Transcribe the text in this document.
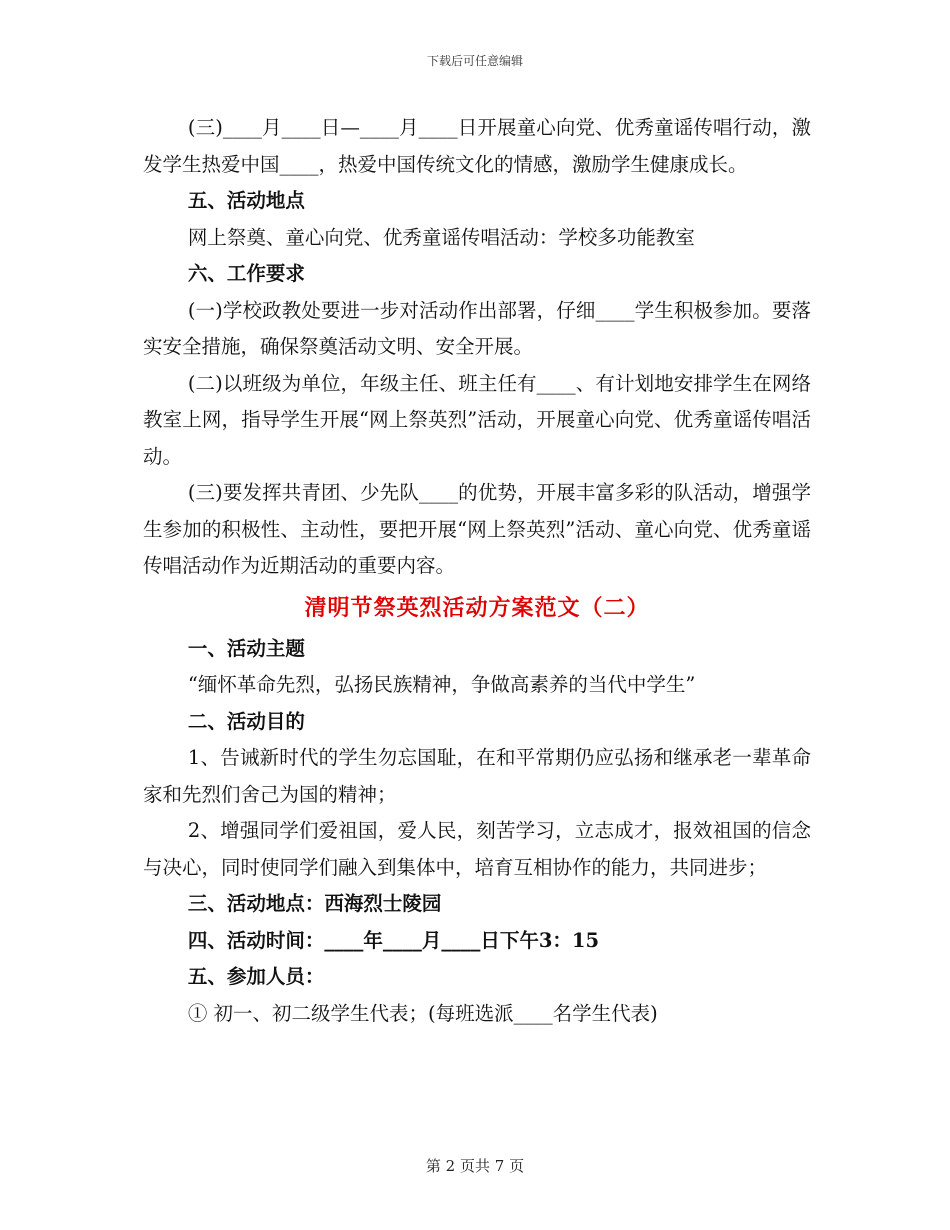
下载后可任意编辑

(三)____月____日—____月____日开展童心向党、优秀童谣传唱行动，激发学生热爱中国____，热爱中国传统文化的情感，激励学生健康成长。

五、活动地点

网上祭奠、童心向党、优秀童谣传唱活动：学校多功能教室

六、工作要求

(一)学校政教处要进一步对活动作出部署，仔细____学生积极参加。要落实安全措施，确保祭奠活动文明、安全开展。

(二)以班级为单位，年级主任、班主任有____、有计划地安排学生在网络教室上网，指导学生开展“网上祭英烈”活动，开展童心向党、优秀童谣传唱活动。

(三)要发挥共青团、少先队____的优势，开展丰富多彩的队活动，增强学生参加的积极性、主动性，要把开展“网上祭英烈”活动、童心向党、优秀童谣传唱活动作为近期活动的重要内容。

清明节祭英烈活动方案范文（二）

一、活动主题

“缅怀革命先烈，弘扬民族精神，争做高素养的当代中学生”

二、活动目的

1、告诫新时代的学生勿忘国耻，在和平常期仍应弘扬和继承老一辈革命家和先烈们舍己为国的精神；

2、增强同学们爱祖国，爱人民，刻苦学习，立志成才，报效祖国的信念与决心，同时使同学们融入到集体中，培育互相协作的能力，共同进步；

三、活动地点：西海烈士陵园

四、活动时间：____年____月____日下午3：15

五、参加人员：

① 初一、初二级学生代表；(每班选派____名学生代表)

第 2 页共 7 页
